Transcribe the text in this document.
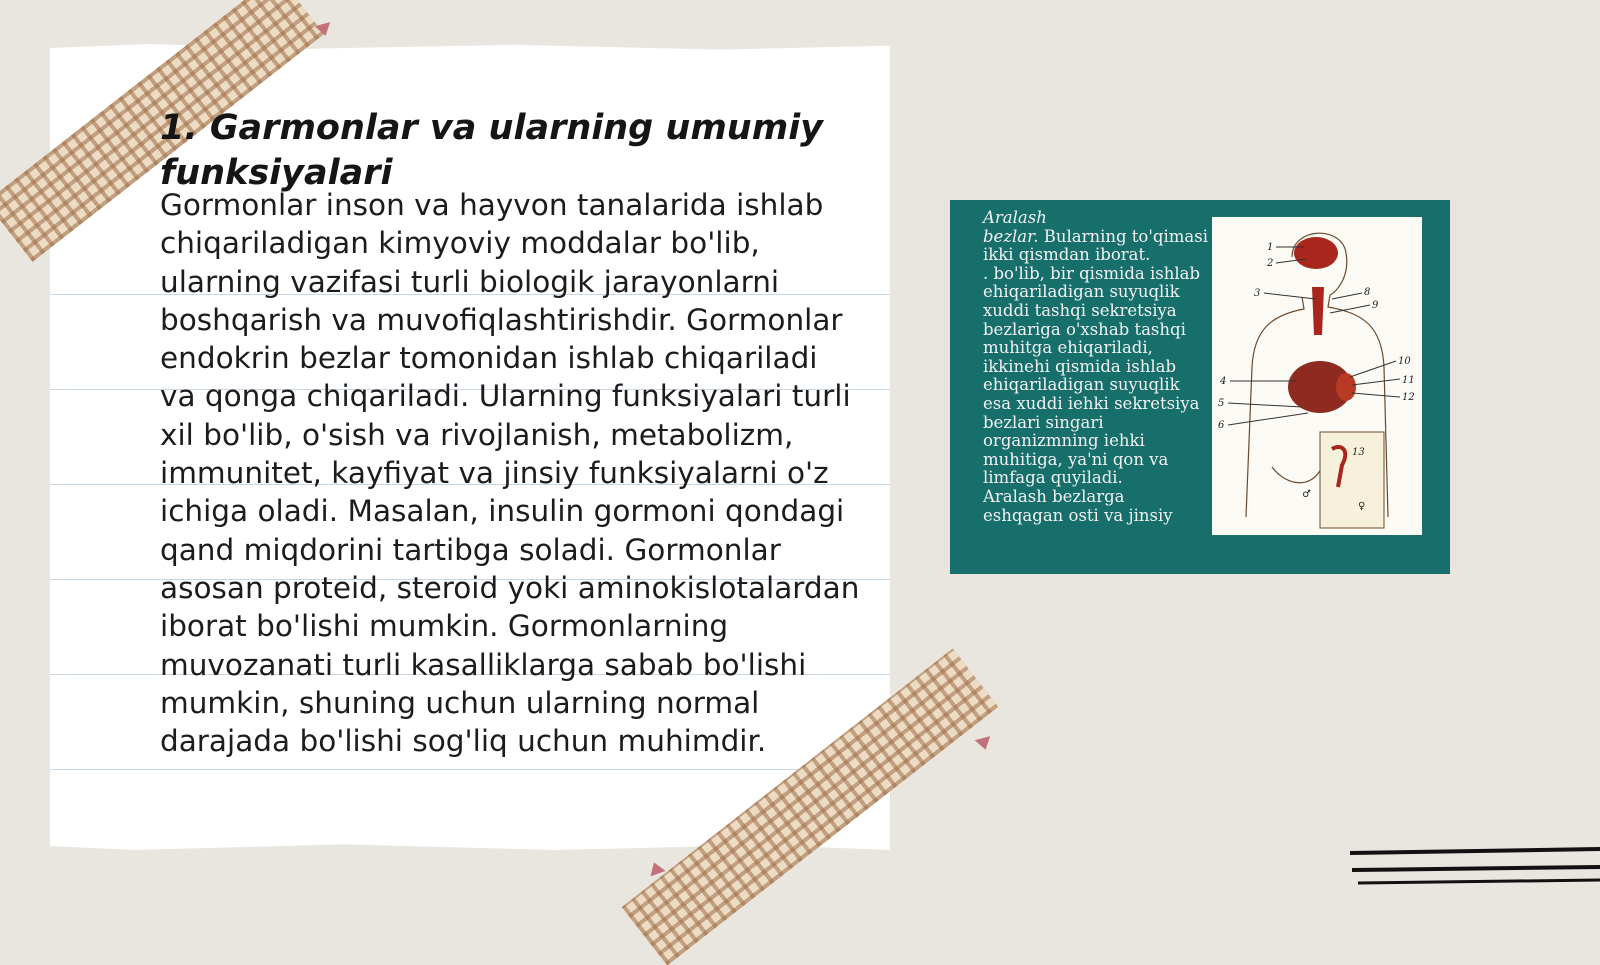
1. Garmonlar va ularning umumiy funksiyalari

Gormonlar inson va hayvon tanalarida ishlab chiqariladigan kimyoviy moddalar bo'lib, ularning vazifasi turli biologik jarayonlarni boshqarish va muvofiqlashtirishdir. Gormonlar endokrin bezlar tomonidan ishlab chiqariladi va qonga chiqariladi. Ularning funksiyalari turli xil bo'lib, o'sish va rivojlanish, metabolizm, immunitet, kayfiyat va jinsiy funksiyalarni o'z ichiga oladi. Masalan, insulin gormoni qondagi qand miqdorini tartibga soladi. Gormonlar asosan proteid, steroid yoki aminokislotalardan iborat bo'lishi mumkin. Gormonlarning muvozanati turli kasalliklarga sabab bo'lishi mumkin, shuning uchun ularning normal darajada bo'lishi sog'liq uchun muhimdir.

Aralash
bezlar. Bularning to'qimasi ikki qismdan iborat.
. bo'lib, bir qismida ishlab ehiqariladigan suyuqlik xuddi tashqi sekretsiya bezlariga o'xshab tashqi muhitga ehiqariladi, ikkinehi qismida ishlab ehiqariladigan suyuqlik esa xuddi iehki sekretsiya bezlari singari organizmning iehki muhitiga, ya'ni qon va limfaga quyiladi.
Aralash bezlarga
eshqagan osti va jinsiy

1
2
3
4
5
6
8
9
10
11
12
13
♀
♂
